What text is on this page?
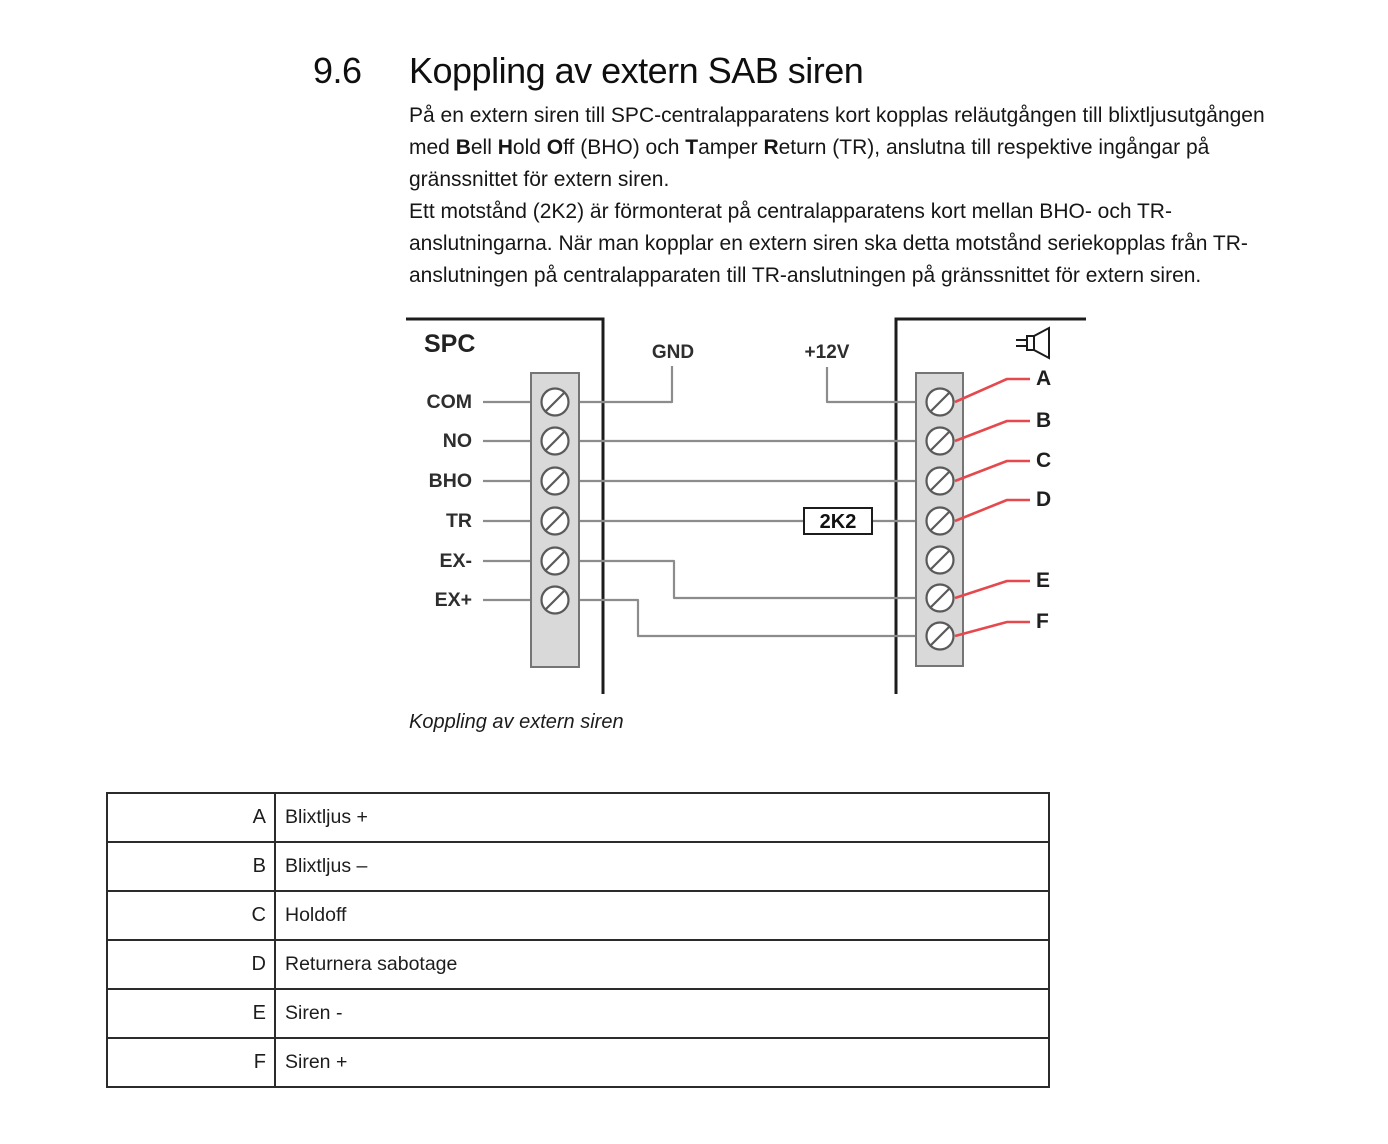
9.6 Koppling av extern SAB siren
På en extern siren till SPC-centralapparatens kort kopplas reläutgången till blixtljusutgången med Bell Hold Off (BHO) och Tamper Return (TR), anslutna till respektive ingångar på gränssnittet för extern siren.
Ett motstånd (2K2) är förmonterat på centralapparatens kort mellan BHO- och TR-anslutningarna. När man kopplar en extern siren ska detta motstånd seriekopplas från TR-anslutningen på centralapparaten till TR-anslutningen på gränssnittet för extern siren.
SPC	GND	+12V
2K2
COM
NO
BHO
TR
EX-
EX+
A
B
C
D
E
F
Koppling av extern siren
A	Blixtljus +
B	Blixtljus –
C	Holdoff
D	Returnera sabotage
E	Siren -
F	Siren +
